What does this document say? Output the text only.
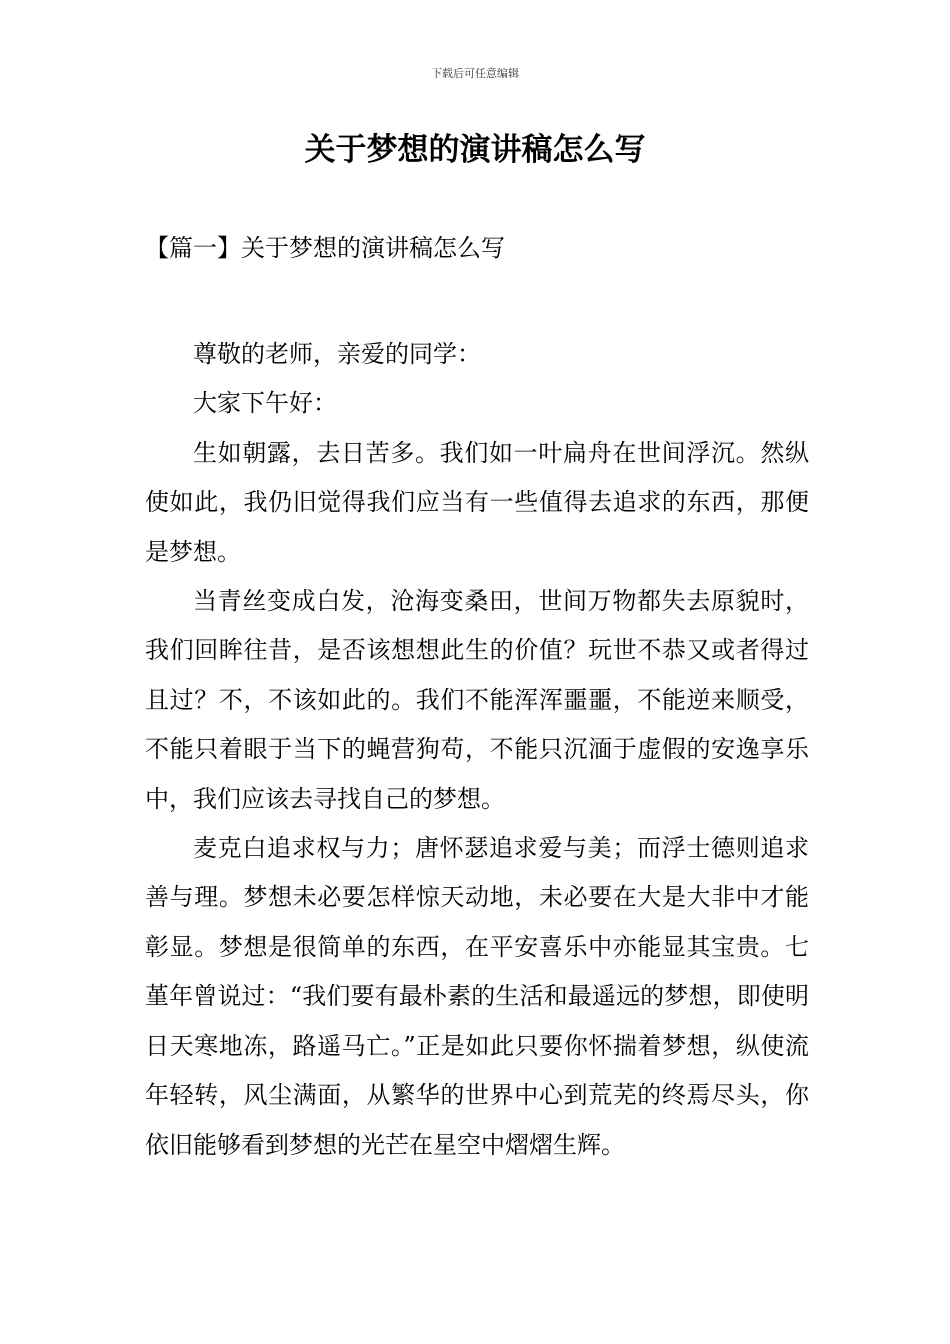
下载后可任意编辑
关于梦想的演讲稿怎么写
【篇一】关于梦想的演讲稿怎么写

尊敬的老师，亲爱的同学：

大家下午好：

生如朝露，去日苦多。我们如一叶扁舟在世间浮沉。然纵使如此，我仍旧觉得我们应当有一些值得去追求的东西，那便是梦想。

当青丝变成白发，沧海变桑田，世间万物都失去原貌时，我们回眸往昔，是否该想想此生的价值？玩世不恭又或者得过且过？不，不该如此的。我们不能浑浑噩噩，不能逆来顺受，不能只着眼于当下的蝇营狗苟，不能只沉湎于虚假的安逸享乐中，我们应该去寻找自己的梦想。

麦克白追求权与力；唐怀瑟追求爱与美；而浮士德则追求善与理。梦想未必要怎样惊天动地，未必要在大是大非中才能彰显。梦想是很简单的东西，在平安喜乐中亦能显其宝贵。七堇年曾说过：“我们要有最朴素的生活和最遥远的梦想，即使明日天寒地冻，路遥马亡。”正是如此只要你怀揣着梦想，纵使流年轻转，风尘满面，从繁华的世界中心到荒芜的终焉尽头，你依旧能够看到梦想的光芒在星空中熠熠生辉。
